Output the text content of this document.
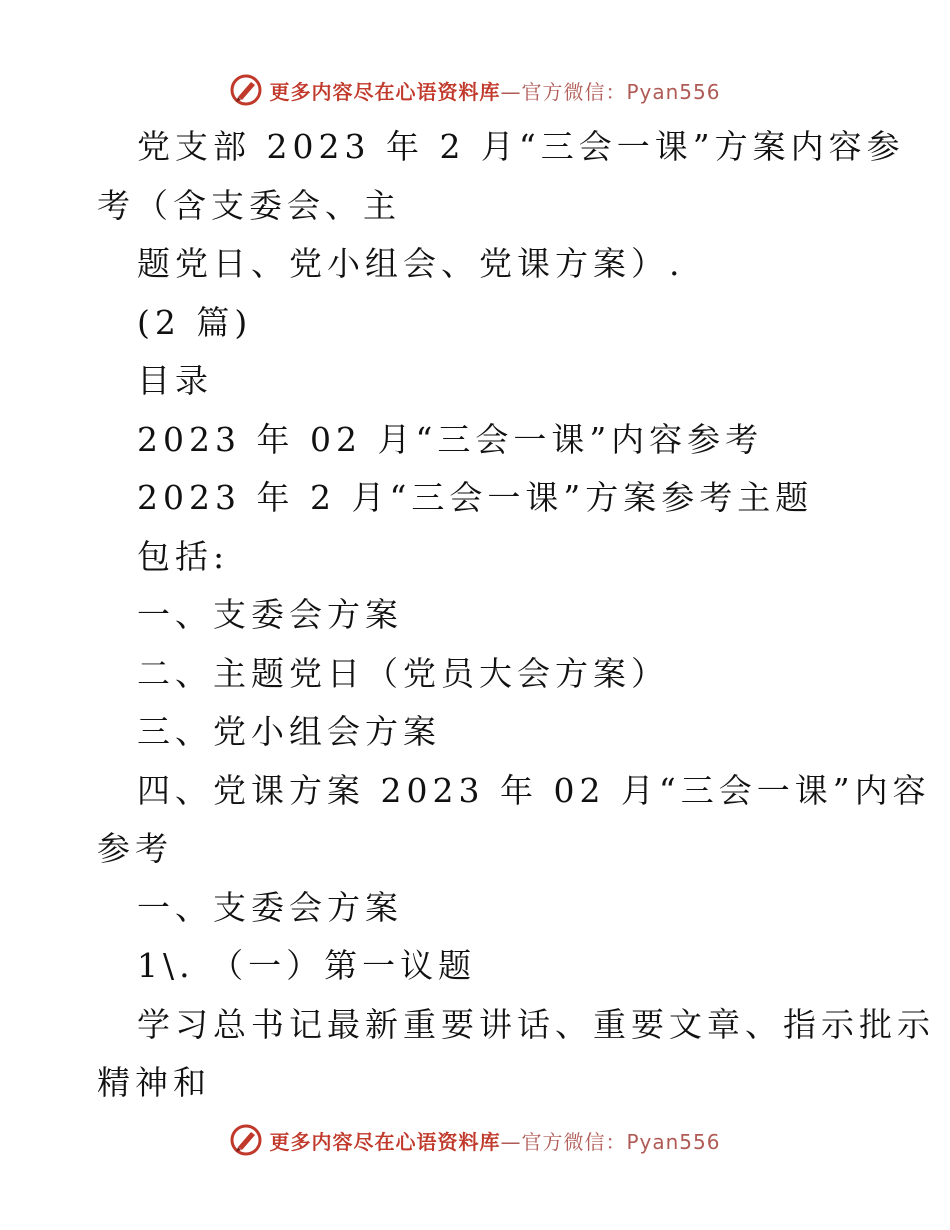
更多内容尽在心语资料库—官方微信：Pyan556
党支部 2023 年 2 月“三会一课”方案内容参
考（含支委会、主
题党日、党小组会、党课方案）.
(2 篇)
目录
2023 年 02 月“三会一课”内容参考
2023 年 2 月“三会一课”方案参考主题
包括:
一、支委会方案
二、主题党日（党员大会方案）
三、党小组会方案
四、党课方案 2023 年 02 月“三会一课”内容
参考
一、支委会方案
1\. （一）第一议题
学习总书记最新重要讲话、重要文章、指示批示
精神和
更多内容尽在心语资料库—官方微信：Pyan556
